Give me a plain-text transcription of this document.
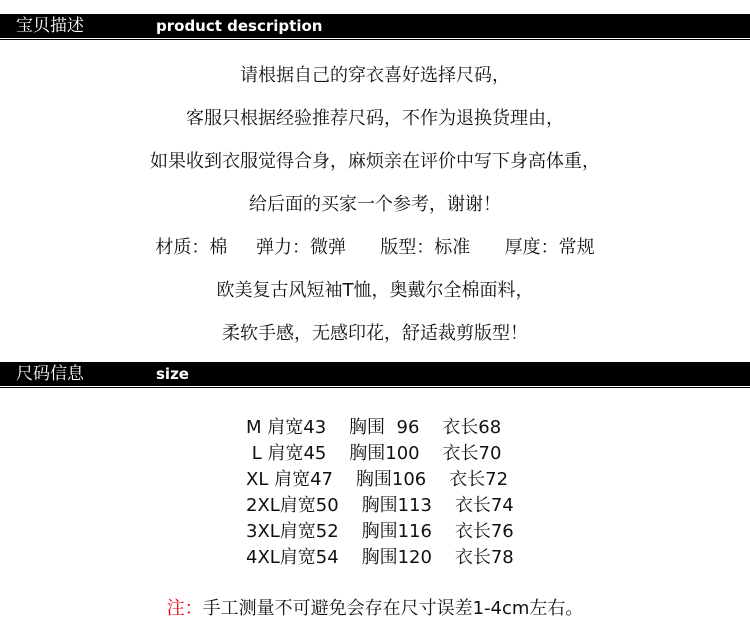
宝贝描述	product description
请根据自己的穿衣喜好选择尺码，
客服只根据经验推荐尺码，不作为退换货理由，
如果收到衣服觉得合身，麻烦亲在评价中写下身高体重，
给后面的买家一个参考，谢谢！
材质：棉     弹力：微弹      版型：标准      厚度：常规
欧美复古风短袖T恤，奥戴尔全棉面料，
柔软手感，无感印花，舒适裁剪版型！
尺码信息	size
M 肩宽43    胸围  96    衣长68
L 肩宽45    胸围100    衣长70
XL 肩宽47    胸围106    衣长72
2XL肩宽50    胸围113    衣长74
3XL肩宽52    胸围116    衣长76
4XL肩宽54    胸围120    衣长78
注：手工测量不可避免会存在尺寸误差1-4cm左右。
